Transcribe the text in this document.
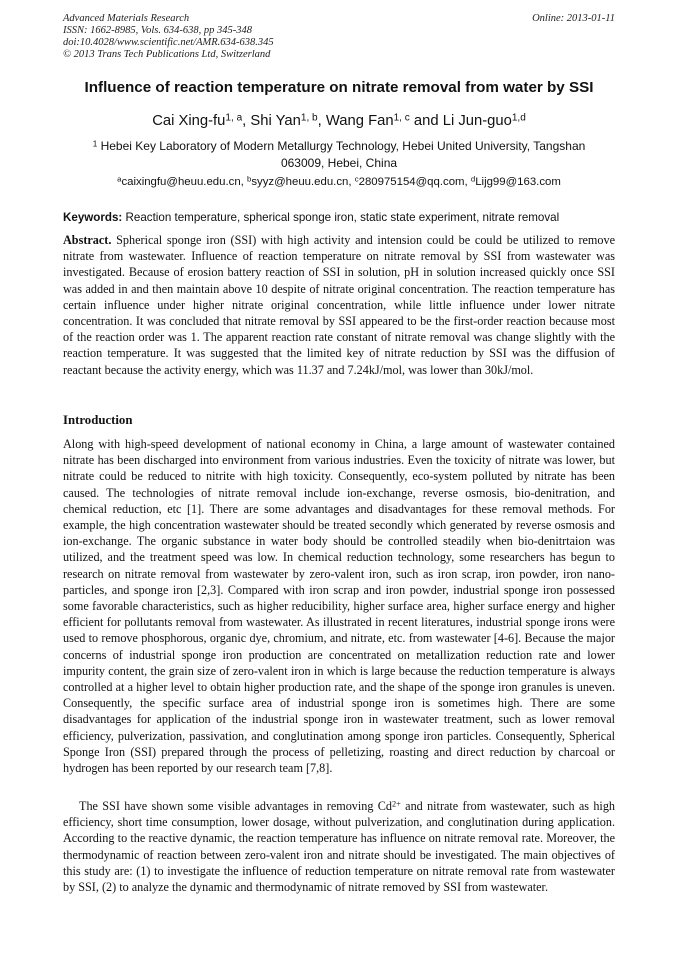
Advanced Materials Research
ISSN: 1662-8985, Vols. 634-638, pp 345-348
doi:10.4028/www.scientific.net/AMR.634-638.345
© 2013 Trans Tech Publications Ltd, Switzerland
Online: 2013-01-11
Influence of reaction temperature on nitrate removal from water by SSI
Cai Xing-fu$^{1, a}$, Shi Yan$^{1, b}$, Wang Fan$^{1, c}$ and Li Jun-guo$^{1,d}$
$^1$ Hebei Key Laboratory of Modern Metallurgy Technology, Hebei United University, Tangshan 063009, Hebei, China
$^a$caixingfu@heuu.edu.cn, $^b$syyz@heuu.edu.cn, $^c$280975154@qq.com, $^d$Lijg99@163.com
Keywords: Reaction temperature, spherical sponge iron, static state experiment, nitrate removal
Abstract. Spherical sponge iron (SSI) with high activity and intension could be could be utilized to remove nitrate from wastewater. Influence of reaction temperature on nitrate removal by SSI from wastewater was investigated. Because of erosion battery reaction of SSI in solution, pH in solution increased quickly once SSI was added in and then maintain above 10 despite of nitrate original concentration. The reaction temperature has certain influence under higher nitrate original concentration, while little influence under lower nitrate concentration. It was concluded that nitrate removal by SSI appeared to be the first-order reaction because most of the reaction order was 1. The apparent reaction rate constant of nitrate removal was change slightly with the reaction temperature. It was suggested that the limited key of nitrate reduction by SSI was the diffusion of reactant because the activity energy, which was 11.37 and 7.24kJ/mol, was lower than 30kJ/mol.
Introduction
Along with high-speed development of national economy in China, a large amount of wastewater contained nitrate has been discharged into environment from various industries. Even the toxicity of nitrate was lower, but nitrate could be reduced to nitrite with high toxicity. Consequently, eco-system polluted by nitrate has been caused. The technologies of nitrate removal include ion-exchange, reverse osmosis, bio-denitration, and chemical reduction, etc [1]. There are some advantages and disadvantages for these removal methods. For example, the high concentration wastewater should be treated secondly which generated by reverse osmosis and ion-exchange. The organic substance in water body should be controlled steadily when bio-denitrtaion was utilized, and the treatment speed was low. In chemical reduction technology, some researchers has begun to research on nitrate removal from wastewater by zero-valent iron, such as iron scrap, iron powder, iron nano-particles, and sponge iron [2,3]. Compared with iron scrap and iron powder, industrial sponge iron possessed some favorable characteristics, such as higher reducibility, higher surface area, higher surface energy and higher efficient for pollutants removal from wastewater. As illustrated in recent literatures, industrial sponge irons were used to remove phosphorous, organic dye, chromium, and nitrate, etc. from wastewater [4-6]. Because the major concerns of industrial sponge iron production are concentrated on metallization reduction rate and lower impurity content, the grain size of zero-valent iron in which is large because the reduction temperature is always controlled at a higher level to obtain higher production rate, and the shape of the sponge iron granules is uneven. Consequently, the specific surface area of industrial sponge iron is sometimes high. There are some disadvantages for application of the industrial sponge iron in wastewater treatment, such as lower removal efficiency, pulverization, passivation, and conglutination among sponge iron particles. Consequently, Spherical Sponge Iron (SSI) prepared through the process of pelletizing, roasting and direct reduction by charcoal or hydrogen has been reported by our research team [7,8].
The SSI have shown some visible advantages in removing $Cd^{2+}$ and nitrate from wastewater, such as high efficiency, short time consumption, lower dosage, without pulverization, and conglutination during application. According to the reactive dynamic, the reaction temperature has influence on nitrate removal rate. Moreover, the thermodynamic of reaction between zero-valent iron and nitrate should be investigated. The main objectives of this study are: (1) to investigate the influence of reduction temperature on nitrate removal rate from wastewater by SSI, (2) to analyze the dynamic and thermodynamic of nitrate removed by SSI from wastewater.
